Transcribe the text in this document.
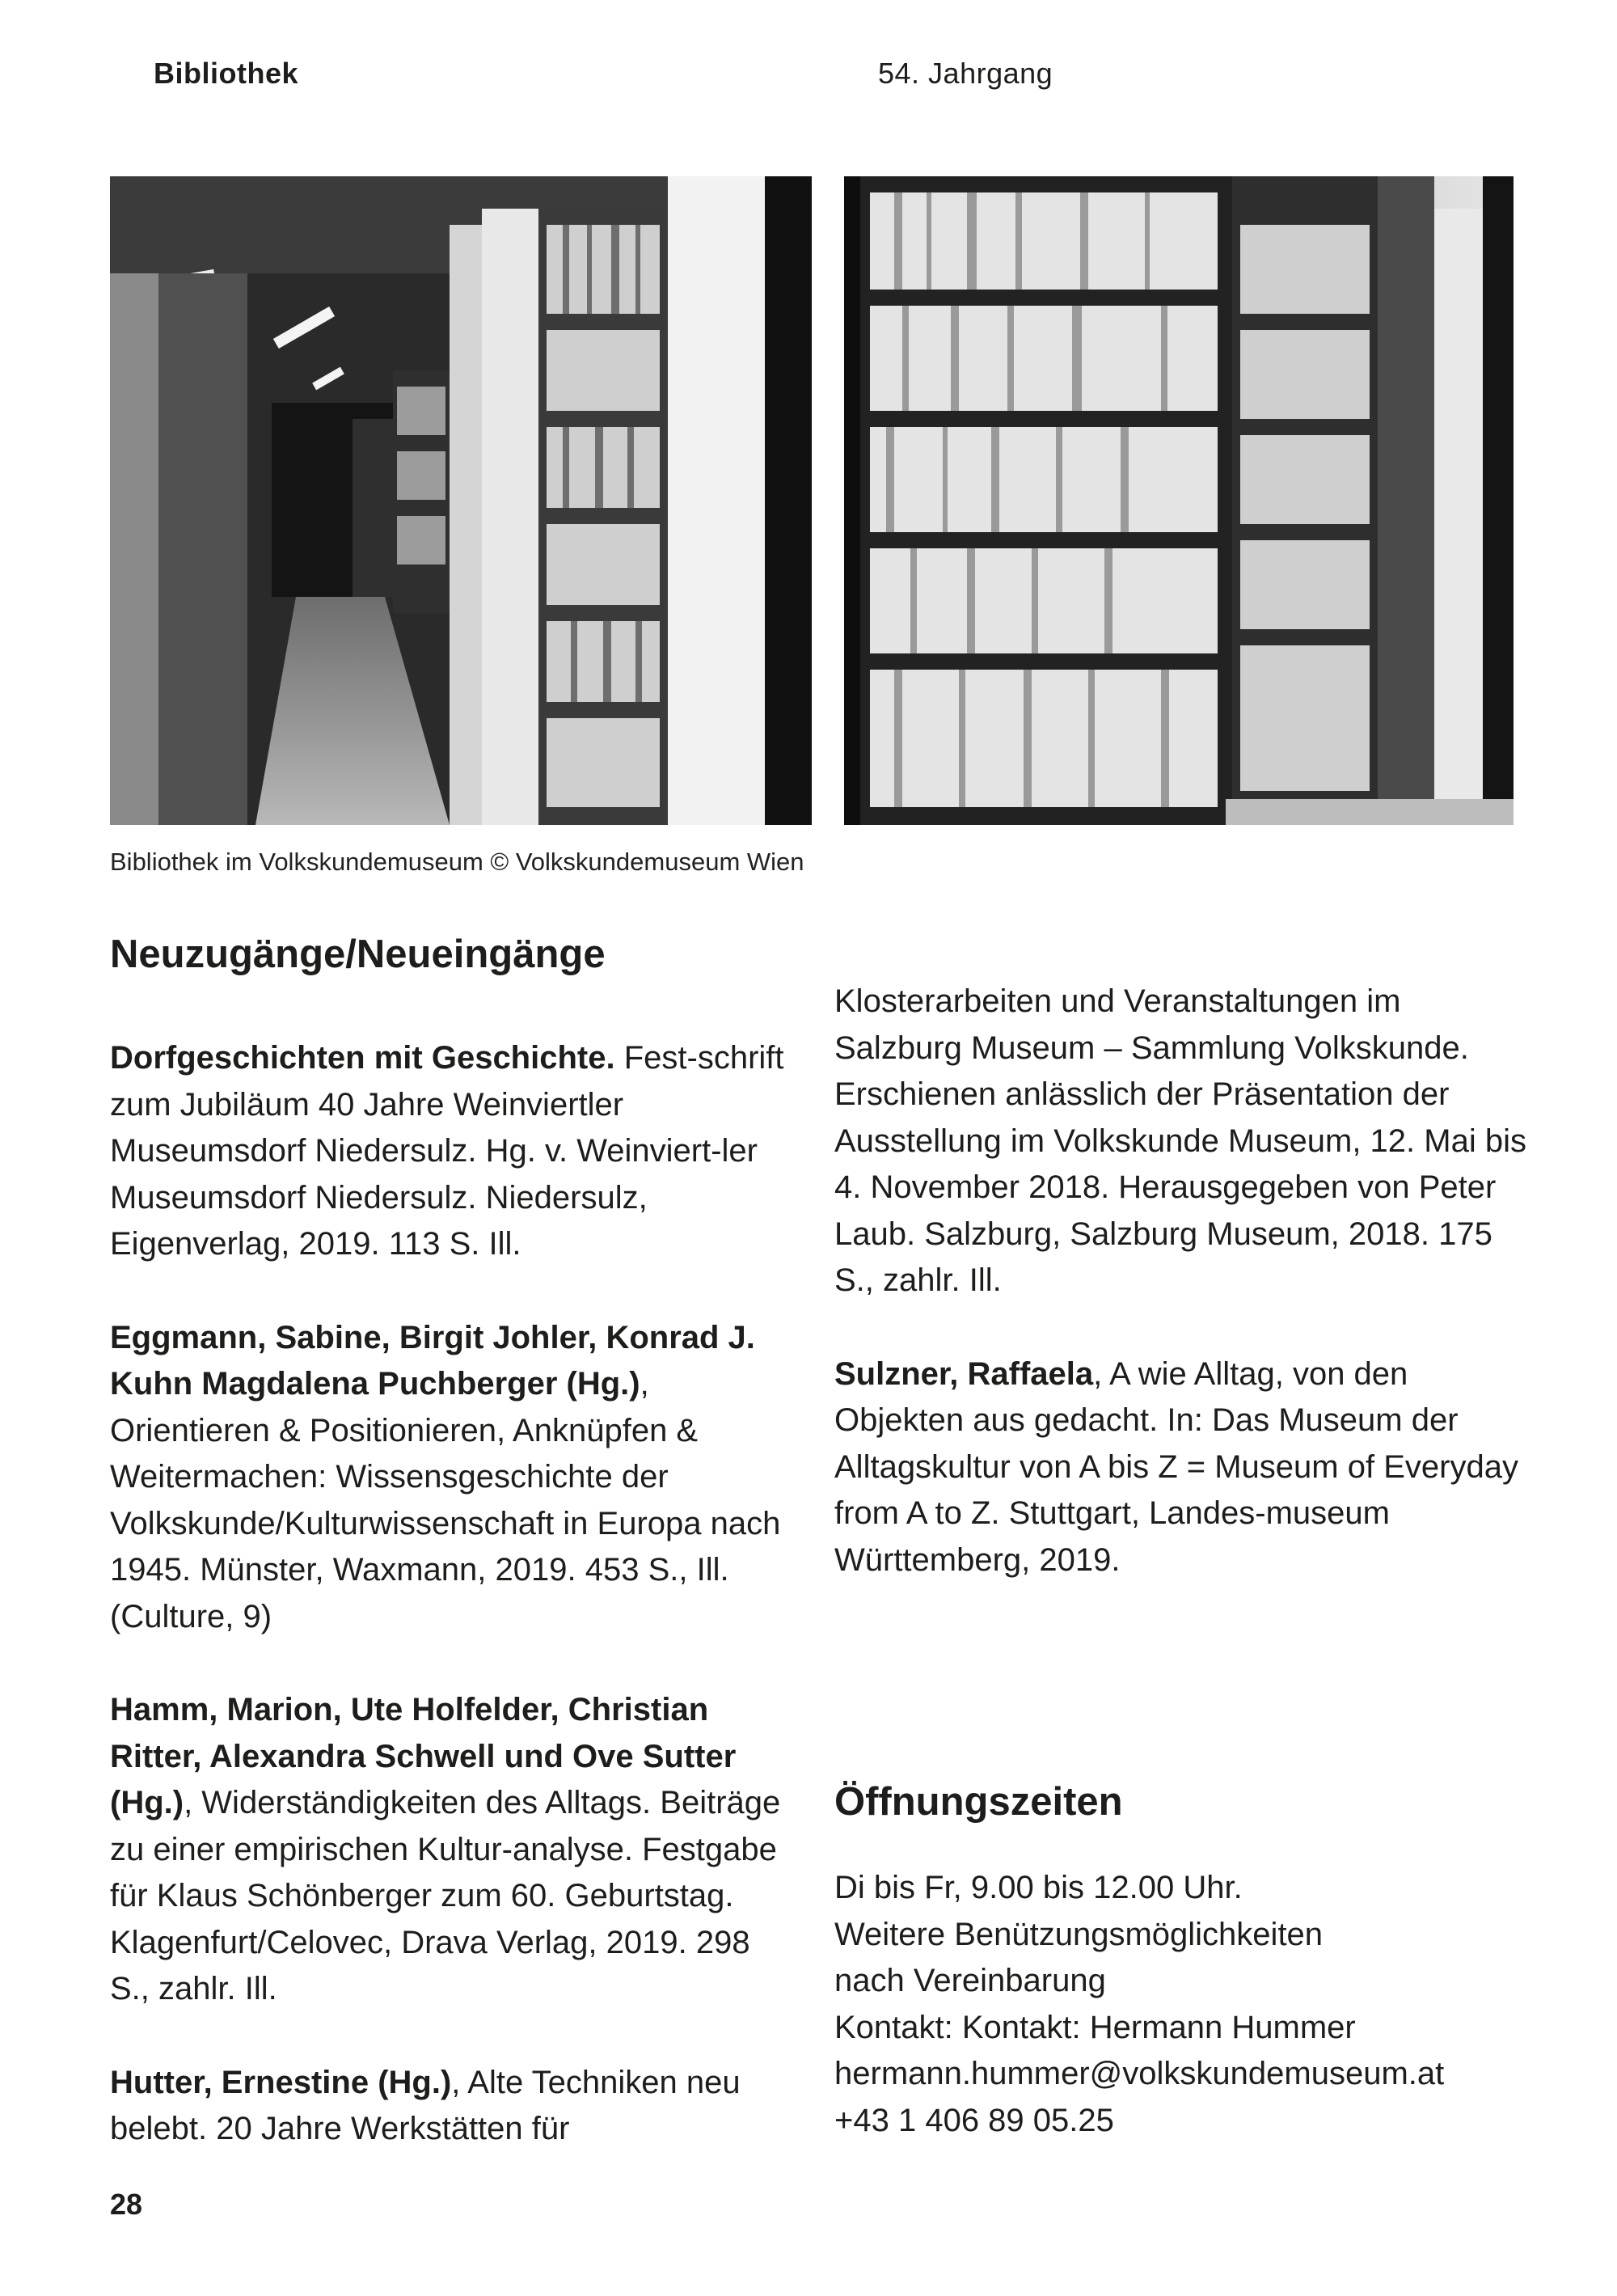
Bibliothek	54. Jahrgang
Bibliothek im Volkskundemuseum © Volkskundemuseum Wien
Neuzugänge/Neueingänge

Dorfgeschichten mit Geschichte. Fest-schrift zum Jubiläum 40 Jahre Weinviertler Museumsdorf Niedersulz. Hg. v. Weinviert-ler Museumsdorf Niedersulz. Niedersulz, Eigenverlag, 2019. 113 S. Ill.

Eggmann, Sabine, Birgit Johler, Konrad J. Kuhn Magdalena Puchberger (Hg.), Orientieren & Positionieren, Anknüpfen & Weitermachen: Wissensgeschichte der Volkskunde/Kulturwissenschaft in Europa nach 1945. Münster, Waxmann, 2019. 453 S., Ill. (Culture, 9)

Hamm, Marion, Ute Holfelder, Christian Ritter, Alexandra Schwell und Ove Sutter (Hg.), Widerständigkeiten des Alltags. Beiträge zu einer empirischen Kultur-analyse. Festgabe für Klaus Schönberger zum 60. Geburtstag. Klagenfurt/Celovec, Drava Verlag, 2019. 298 S., zahlr. Ill.

Hutter, Ernestine (Hg.), Alte Techniken neu belebt. 20 Jahre Werkstätten für

Klosterarbeiten und Veranstaltungen im Salzburg Museum – Sammlung Volkskunde. Erschienen anlässlich der Präsentation der Ausstellung im Volkskunde Museum, 12. Mai bis 4. November 2018. Herausgegeben von Peter Laub. Salzburg, Salzburg Museum, 2018. 175 S., zahlr. Ill.

Sulzner, Raffaela, A wie Alltag, von den Objekten aus gedacht. In: Das Museum der Alltagskultur von A bis Z = Museum of Everyday from A to Z. Stuttgart, Landes-museum Württemberg, 2019.

Öffnungszeiten
Di bis Fr, 9.00 bis 12.00 Uhr.
Weitere Benützungsmöglichkeiten
nach Vereinbarung
Kontakt: Kontakt: Hermann Hummer
hermann.hummer@volkskundemuseum.at
+43 1 406 89 05.25
28
